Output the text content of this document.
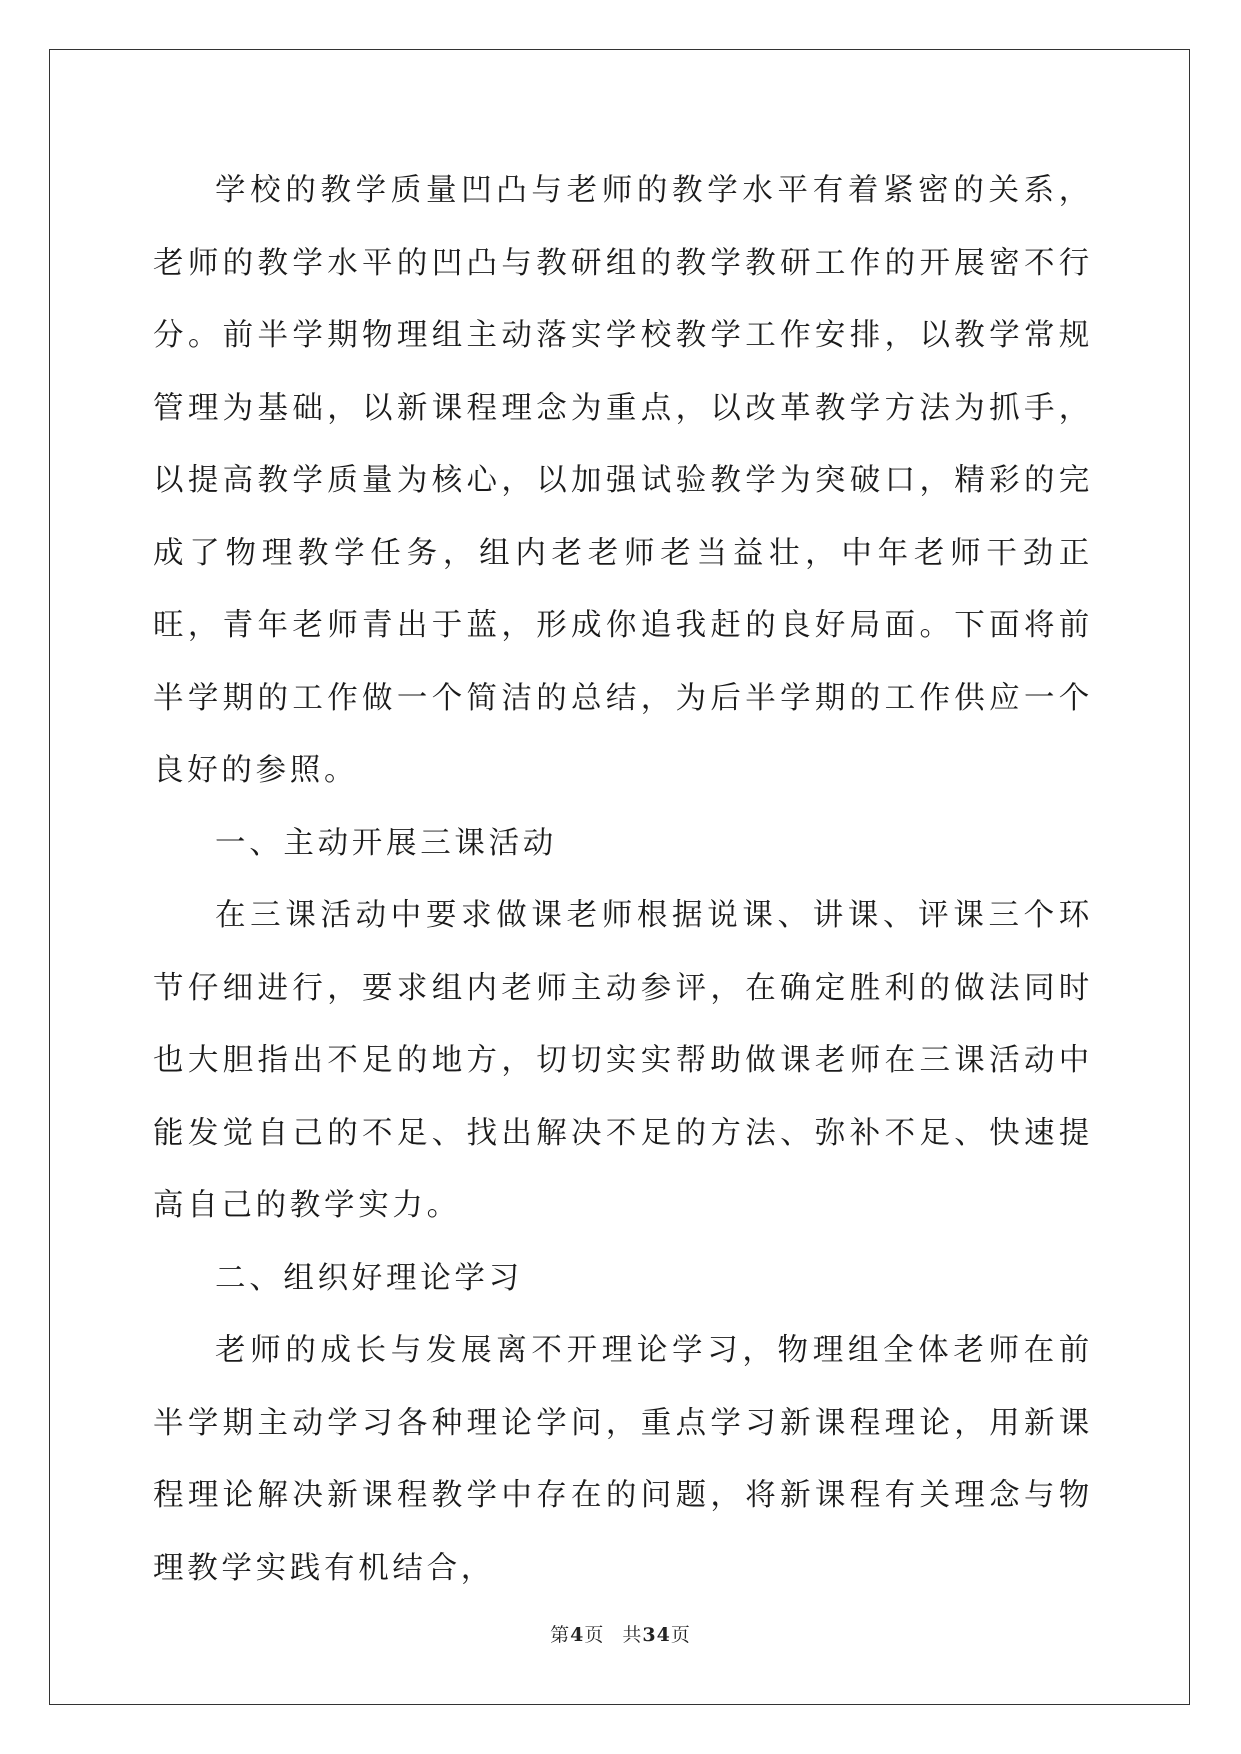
学校的教学质量凹凸与老师的教学水平有着紧密的关系，老师的教学水平的凹凸与教研组的教学教研工作的开展密不行分。前半学期物理组主动落实学校教学工作安排，以教学常规管理为基础，以新课程理念为重点，以改革教学方法为抓手，以提高教学质量为核心，以加强试验教学为突破口，精彩的完成了物理教学任务，组内老老师老当益壮，中年老师干劲正旺，青年老师青出于蓝，形成你追我赶的良好局面。下面将前半学期的工作做一个简洁的总结，为后半学期的工作供应一个良好的参照。

一、主动开展三课活动

在三课活动中要求做课老师根据说课、讲课、评课三个环节仔细进行，要求组内老师主动参评，在确定胜利的做法同时也大胆指出不足的地方，切切实实帮助做课老师在三课活动中能发觉自己的不足、找出解决不足的方法、弥补不足、快速提高自己的教学实力。

二、组织好理论学习

老师的成长与发展离不开理论学习，物理组全体老师在前半学期主动学习各种理论学问，重点学习新课程理论，用新课程理论解决新课程教学中存在的问题，将新课程有关理念与物理教学实践有机结合，

第4页 共34页
